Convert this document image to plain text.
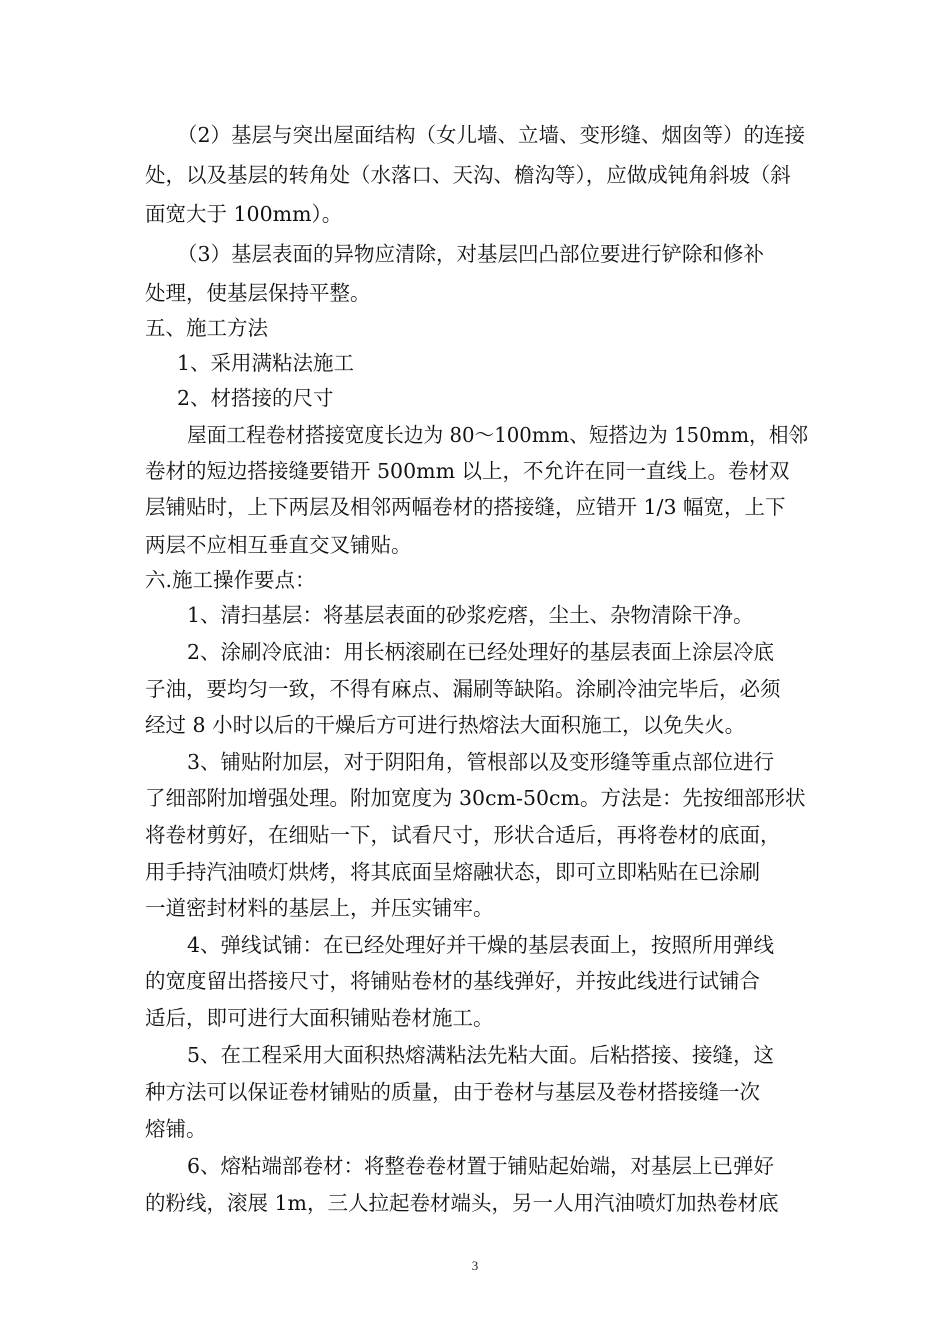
（2）基层与突出屋面结构（女儿墙、立墙、变形缝、烟囱等）的连接
处，以及基层的转角处（水落口、天沟、檐沟等），应做成钝角斜坡（斜
面宽大于 100mm）。
（3）基层表面的异物应清除，对基层凹凸部位要进行铲除和修补
处理，使基层保持平整。
五、施工方法
1、采用满粘法施工
2、材搭接的尺寸
屋面工程卷材搭接宽度长边为 80～100mm、短搭边为 150mm，相邻
卷材的短边搭接缝要错开 500mm 以上，不允许在同一直线上。卷材双
层铺贴时，上下两层及相邻两幅卷材的搭接缝，应错开 1/3 幅宽，上下
两层不应相互垂直交叉铺贴。
六.施工操作要点：
1、清扫基层：将基层表面的砂浆疙瘩，尘土、杂物清除干净。
2、涂刷冷底油：用长柄滚刷在已经处理好的基层表面上涂层冷底
子油，要均匀一致，不得有麻点、漏刷等缺陷。涂刷冷油完毕后，必须
经过 8 小时以后的干燥后方可进行热熔法大面积施工，以免失火。
3、铺贴附加层，对于阴阳角，管根部以及变形缝等重点部位进行
了细部附加增强处理。附加宽度为 30cm-50cm。方法是：先按细部形状
将卷材剪好，在细贴一下，试看尺寸，形状合适后，再将卷材的底面，
用手持汽油喷灯烘烤，将其底面呈熔融状态，即可立即粘贴在已涂刷
一道密封材料的基层上，并压实铺牢。
4、弹线试铺：在已经处理好并干燥的基层表面上，按照所用弹线
的宽度留出搭接尺寸，将铺贴卷材的基线弹好，并按此线进行试铺合
适后，即可进行大面积铺贴卷材施工。
5、在工程采用大面积热熔满粘法先粘大面。后粘搭接、接缝，这
种方法可以保证卷材铺贴的质量，由于卷材与基层及卷材搭接缝一次
熔铺。
6、熔粘端部卷材：将整卷卷材置于铺贴起始端，对基层上已弹好
的粉线，滚展 1m，三人拉起卷材端头，另一人用汽油喷灯加热卷材底
3
